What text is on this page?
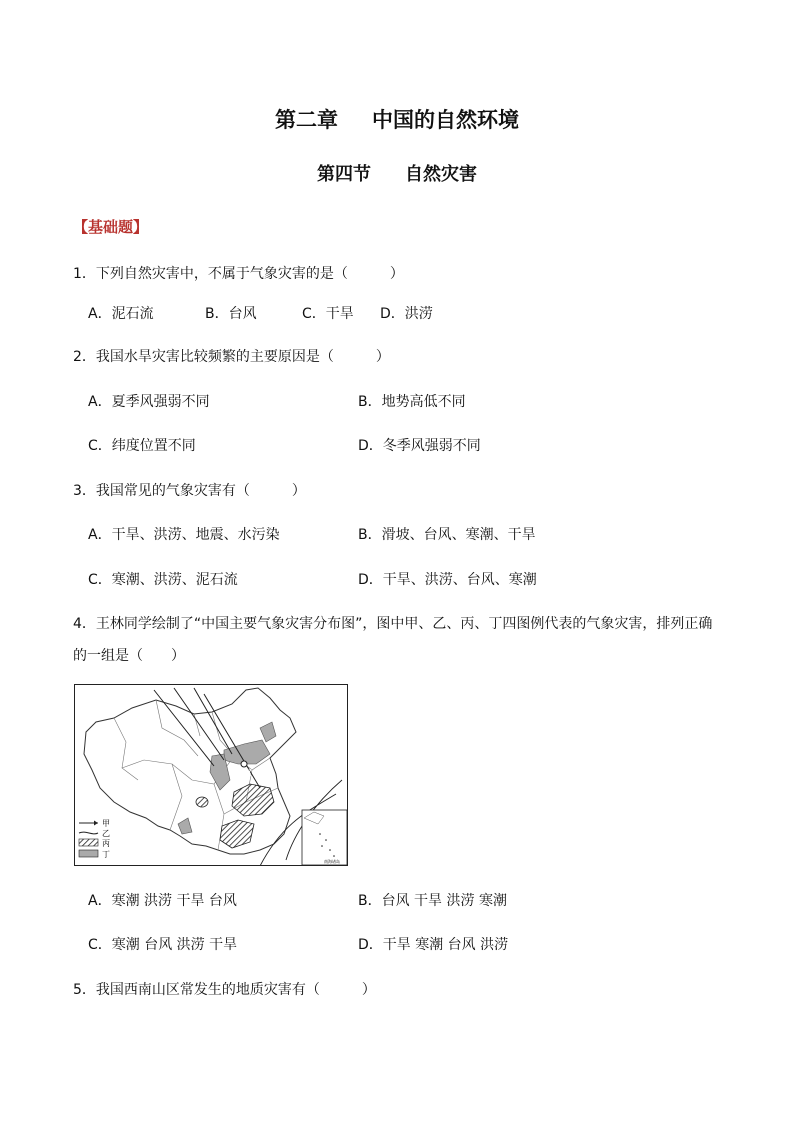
第二章 中国的自然环境
第四节 自然灾害
【基础题】
1．下列自然灾害中，不属于气象灾害的是（　　　）
A．泥石流	B．台风	C．干旱 D．洪涝
2．我国水旱灾害比较频繁的主要原因是（　　　）
A．夏季风强弱不同	B．地势高低不同
C．纬度位置不同	D．冬季风强弱不同
3．我国常见的气象灾害有（　　　）
A．干旱、洪涝、地震、水污染	B．滑坡、台风、寒潮、干旱
C．寒潮、洪涝、泥石流	D．干旱、洪涝、台风、寒潮
4．王林同学绘制了“中国主要气象灾害分布图”，图中甲、乙、丙、丁四图例代表的气象灾害，排列正确
的一组是（　　）
北京
甲
乙
丙
丁
南海诸岛
A．寒潮 洪涝 干旱 台风	B．台风 干旱 洪涝 寒潮
C．寒潮 台风 洪涝 干旱	D．干旱 寒潮 台风 洪涝
5．我国西南山区常发生的地质灾害有（　　　）
